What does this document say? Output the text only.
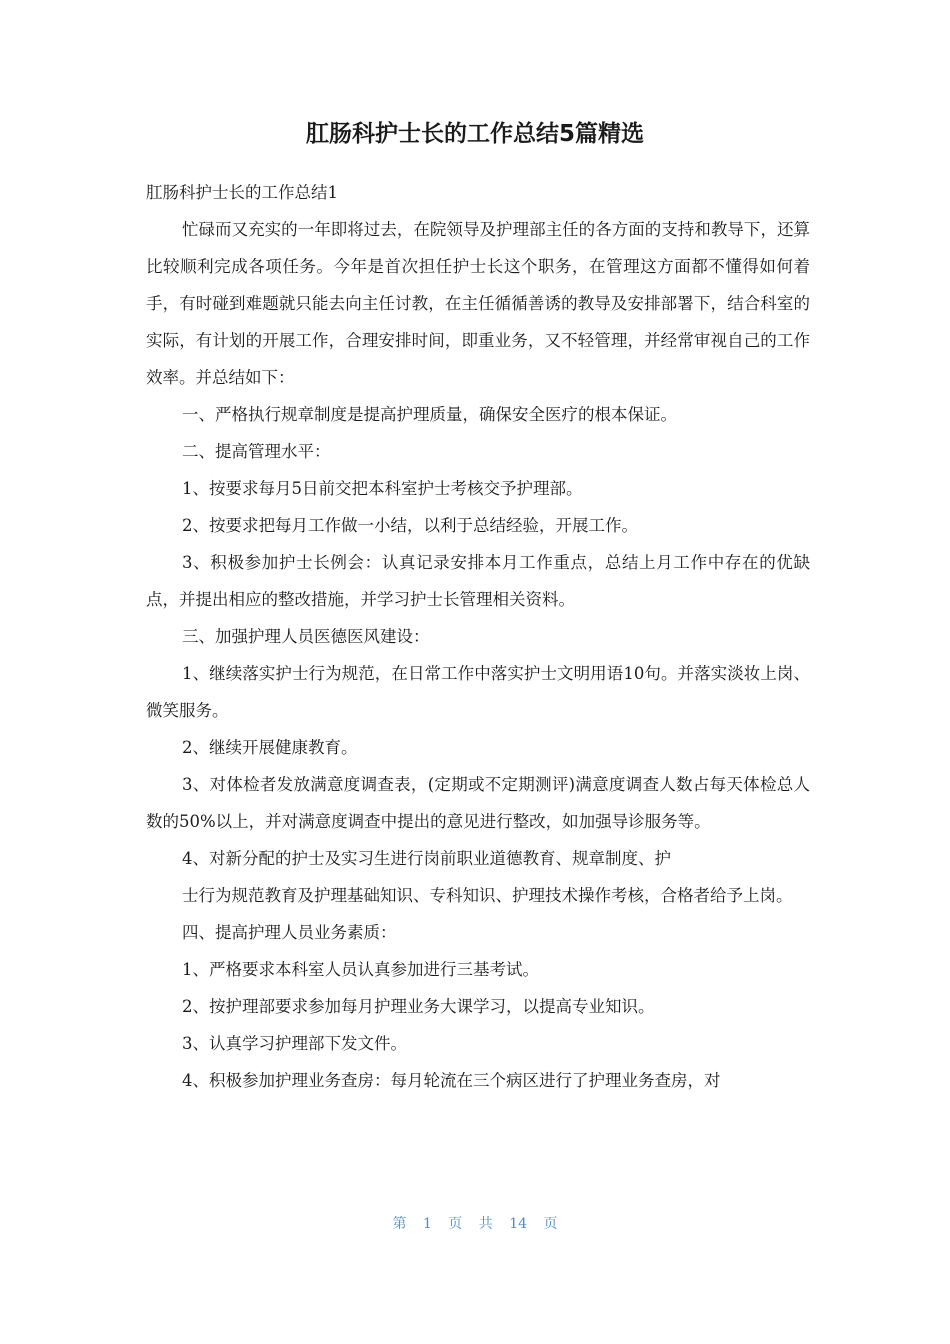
肛肠科护士长的工作总结5篇精选

肛肠科护士长的工作总结1

忙碌而又充实的一年即将过去，在院领导及护理部主任的各方面的支持和教导下，还算比较顺利完成各项任务。今年是首次担任护士长这个职务，在管理这方面都不懂得如何着手，有时碰到难题就只能去向主任讨教，在主任循循善诱的教导及安排部署下，结合科室的实际，有计划的开展工作，合理安排时间，即重业务，又不轻管理，并经常审视自己的工作效率。并总结如下：

一、严格执行规章制度是提高护理质量，确保安全医疗的根本保证。

二、提高管理水平：

1、按要求每月5日前交把本科室护士考核交予护理部。

2、按要求把每月工作做一小结，以利于总结经验，开展工作。

3、积极参加护士长例会：认真记录安排本月工作重点，总结上月工作中存在的优缺点，并提出相应的整改措施，并学习护士长管理相关资料。

三、加强护理人员医德医风建设：

1、继续落实护士行为规范，在日常工作中落实护士文明用语10句。并落实淡妆上岗、微笑服务。

2、继续开展健康教育。

3、对体检者发放满意度调查表，(定期或不定期测评)满意度调查人数占每天体检总人数的50%以上，并对满意度调查中提出的意见进行整改，如加强导诊服务等。

4、对新分配的护士及实习生进行岗前职业道德教育、规章制度、护

士行为规范教育及护理基础知识、专科知识、护理技术操作考核，合格者给予上岗。

四、提高护理人员业务素质：

1、严格要求本科室人员认真参加进行三基考试。

2、按护理部要求参加每月护理业务大课学习，以提高专业知识。

3、认真学习护理部下发文件。

4、积极参加护理业务查房：每月轮流在三个病区进行了护理业务查房，对

第 1 页 共 14 页
